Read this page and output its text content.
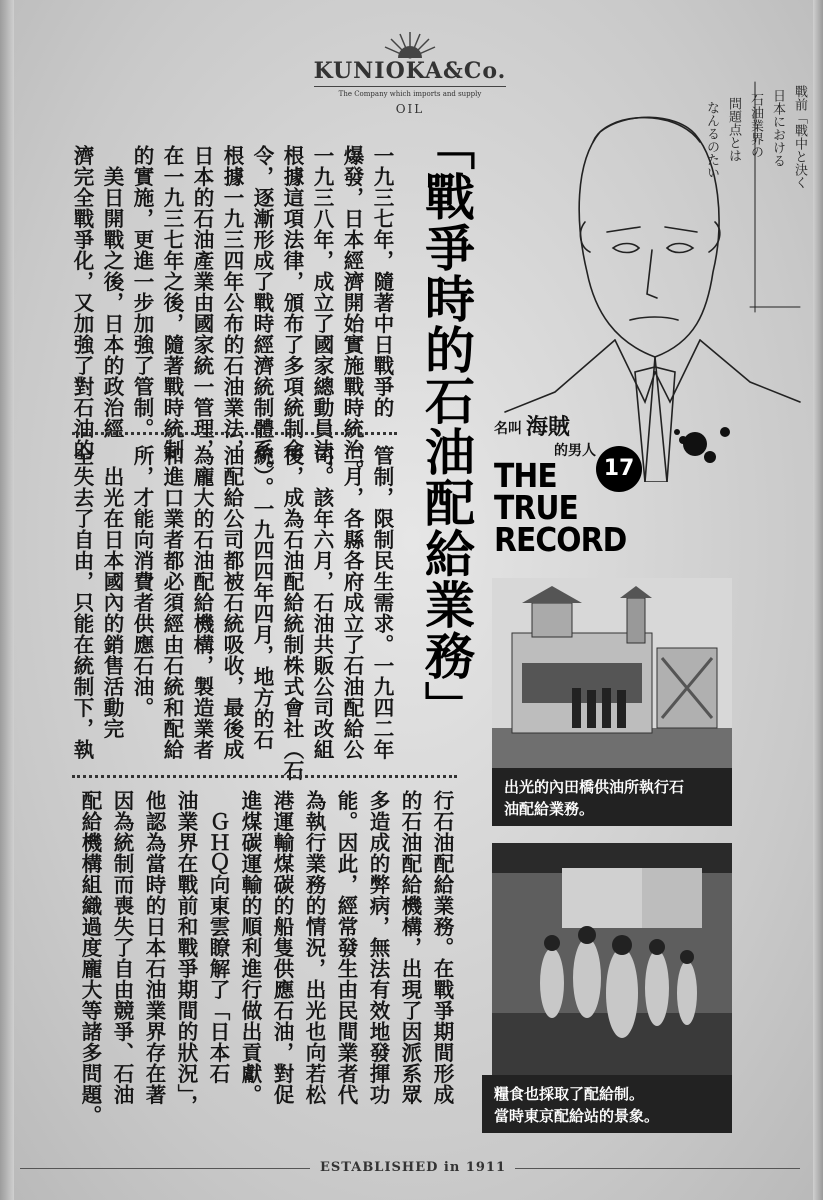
KUNIOKA&Co.
The Company which imports and supply
OIL
「戰爭時的石油配給業務」
一九三七年，隨著中日戰爭的
爆發，日本經濟開始實施戰時統治。
一九三八年，成立了國家總動員法，
根據這項法律，頒布了多項統制命
令，逐漸形成了戰時經濟統制體系。
根據一九三四年公布的石油業法，
日本的石油產業由國家統一管理，
在一九三七年之後，隨著戰時統制
的實施，更進一步加強了管制。
　美日開戰之後，日本的政治經
濟完全戰爭化，又加強了對石油的
管制，限制民生需求。一九四二年
二月，各縣各府成立了石油配給公
司。該年六月，石油共販公司改組
後，成為石油配給統制株式會社（石
統）。一九四四年四月，地方的石
油配給公司都被石統吸收，最後成
為龐大的石油配給機構，製造業者
和進口業者都必須經由石統和配給
所，才能向消費者供應石油。
　出光在日本國內的銷售活動完
全失去了自由，只能在統制下，執
行石油配給業務。在戰爭期間形成
的石油配給機構，出現了因派系眾
多造成的弊病，無法有效地發揮功
能。因此，經常發生由民間業者代
為執行業務的情況，出光也向若松
港運輸煤碳的船隻供應石油，對促
進煤碳運輸的順利進行做出貢獻。
　ＧＨＱ向東雲瞭解了「日本石
油業界在戰前和戰爭期間的狀況」，
他認為當時的日本石油業界存在著
因為統制而喪失了自由競爭、石油
配給機構組織過度龐大等諸多問題。
戰前「戰中と決く
日本における
石油業界の
問題点とは
なんるのたい
名叫 海賊
的男人
THE
TRUE
RECORD
17
出光的內田橋供油所執行石
油配給業務。
糧食也採取了配給制。
當時東京配給站的景象。
ESTABLISHED in 1911
